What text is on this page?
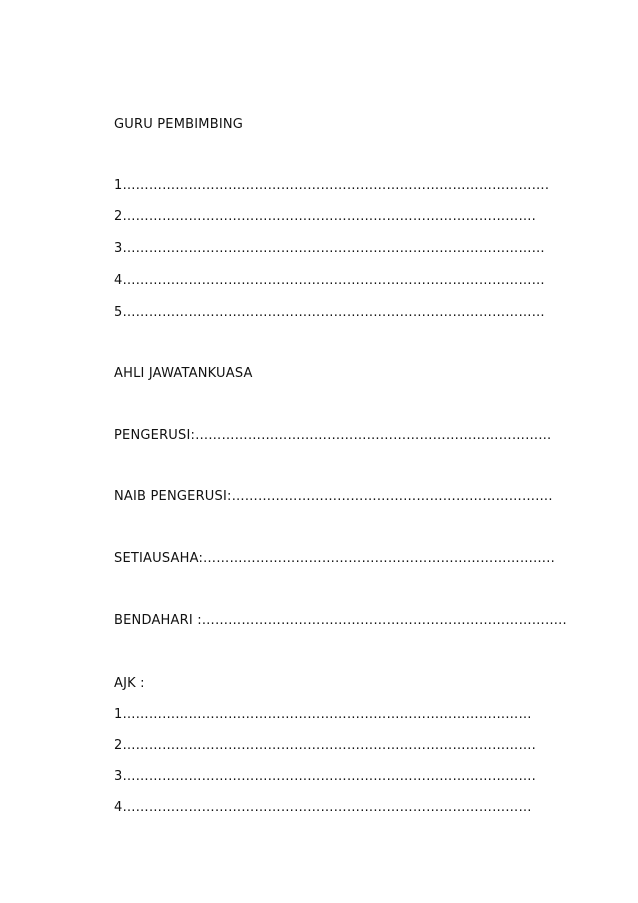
GURU PEMBIMBING
1…………………………………………………………………………………….
2………………………………………………………………………………….
3……………………………………………………………………………………
4……………………………………………………………………………………
5……………………………………………………………………………………
AHLI JAWATANKUASA
PENGERUSI:………………………………………………………………………
NAIB PENGERUSI:……………………………………………………………….
SETIAUSAHA:……………………………………………………………………..
BENDAHARI :………………………………………………………………………..
AJK :
1…………………………………………………………………………………
2………………………………………………………………………………….
3………………………………………………………………………………….
4…………………………………………………………………………………
